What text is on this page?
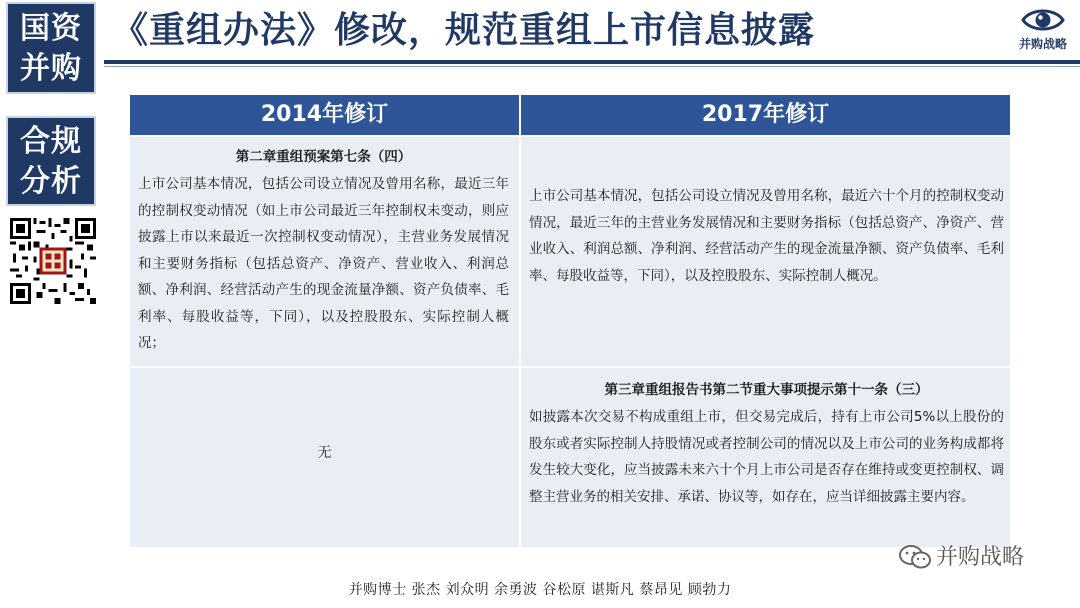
国资
并购
合规
分析
《重组办法》修改，规范重组上市信息披露	并购战略
2014年修订	2017年修订
第二章重组预案第七条（四）
上市公司基本情况，包括公司设立情况及曾用名称，最近三年的控制权变动情况（如上市公司最近三年控制权未变动，则应披露上市以来最近一次控制权变动情况），主营业务发展情况和主要财务指标（包括总资产、净资产、营业收入、利润总额、净利润、经营活动产生的现金流量净额、资产负债率、毛利率、每股收益等，下同），以及控股股东、实际控制人概况；
上市公司基本情况，包括公司设立情况及曾用名称，最近六十个月的控制权变动情况，最近三年的主营业务发展情况和主要财务指标（包括总资产、净资产、营业收入、利润总额、净利润、经营活动产生的现金流量净额、资产负债率、毛利率、每股收益等，下同），以及控股股东、实际控制人概况。
无
第三章重组报告书第二节重大事项提示第十一条（三）
如披露本次交易不构成重组上市，但交易完成后，持有上市公司5%以上股份的股东或者实际控制人持股情况或者控制公司的情况以及上市公司的业务构成都将发生较大变化，应当披露未来六十个月上市公司是否存在维持或变更控制权、调整主营业务的相关安排、承诺、协议等，如存在，应当详细披露主要内容。
并购战略
并购博士 张杰 刘众明 余勇波 谷松原 谌斯凡 蔡昂见 顾勃力
